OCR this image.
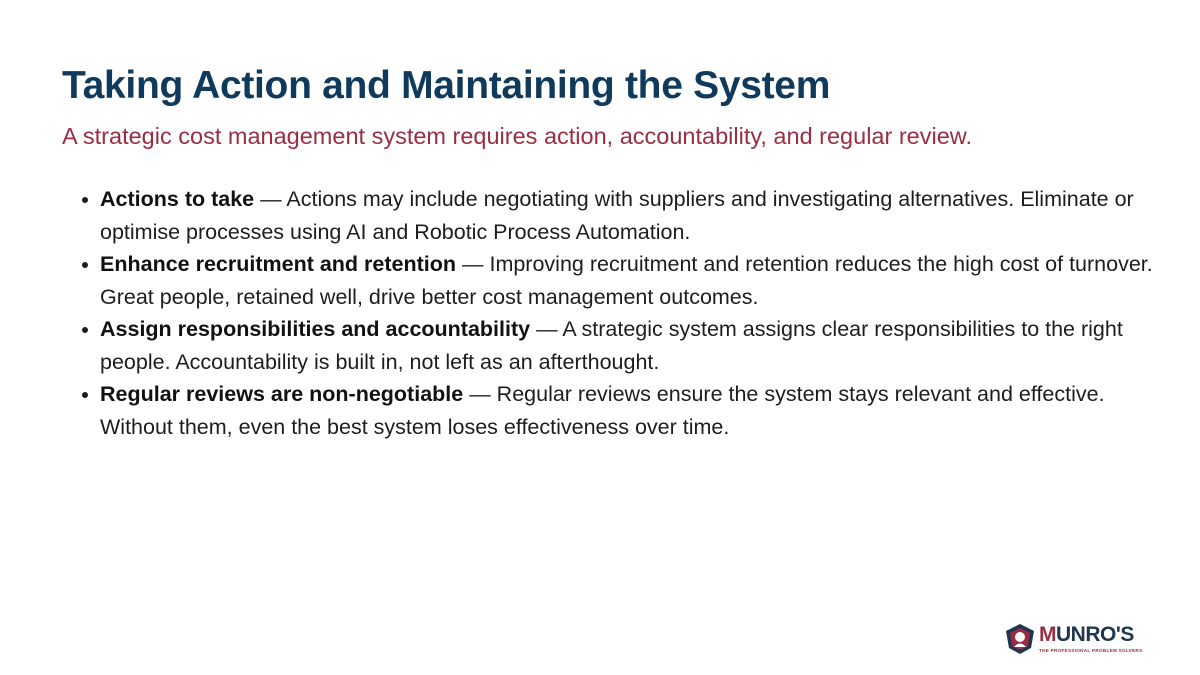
Taking Action and Maintaining the System
A strategic cost management system requires action, accountability, and regular review.
Actions to take — Actions may include negotiating with suppliers and investigating alternatives. Eliminate or optimise processes using AI and Robotic Process Automation.
Enhance recruitment and retention — Improving recruitment and retention reduces the high cost of turnover. Great people, retained well, drive better cost management outcomes.
Assign responsibilities and accountability — A strategic system assigns clear responsibilities to the right people. Accountability is built in, not left as an afterthought.
Regular reviews are non-negotiable — Regular reviews ensure the system stays relevant and effective. Without them, even the best system loses effectiveness over time.
MUNRO'S
THE PROFESSIONAL PROBLEM SOLVERS
